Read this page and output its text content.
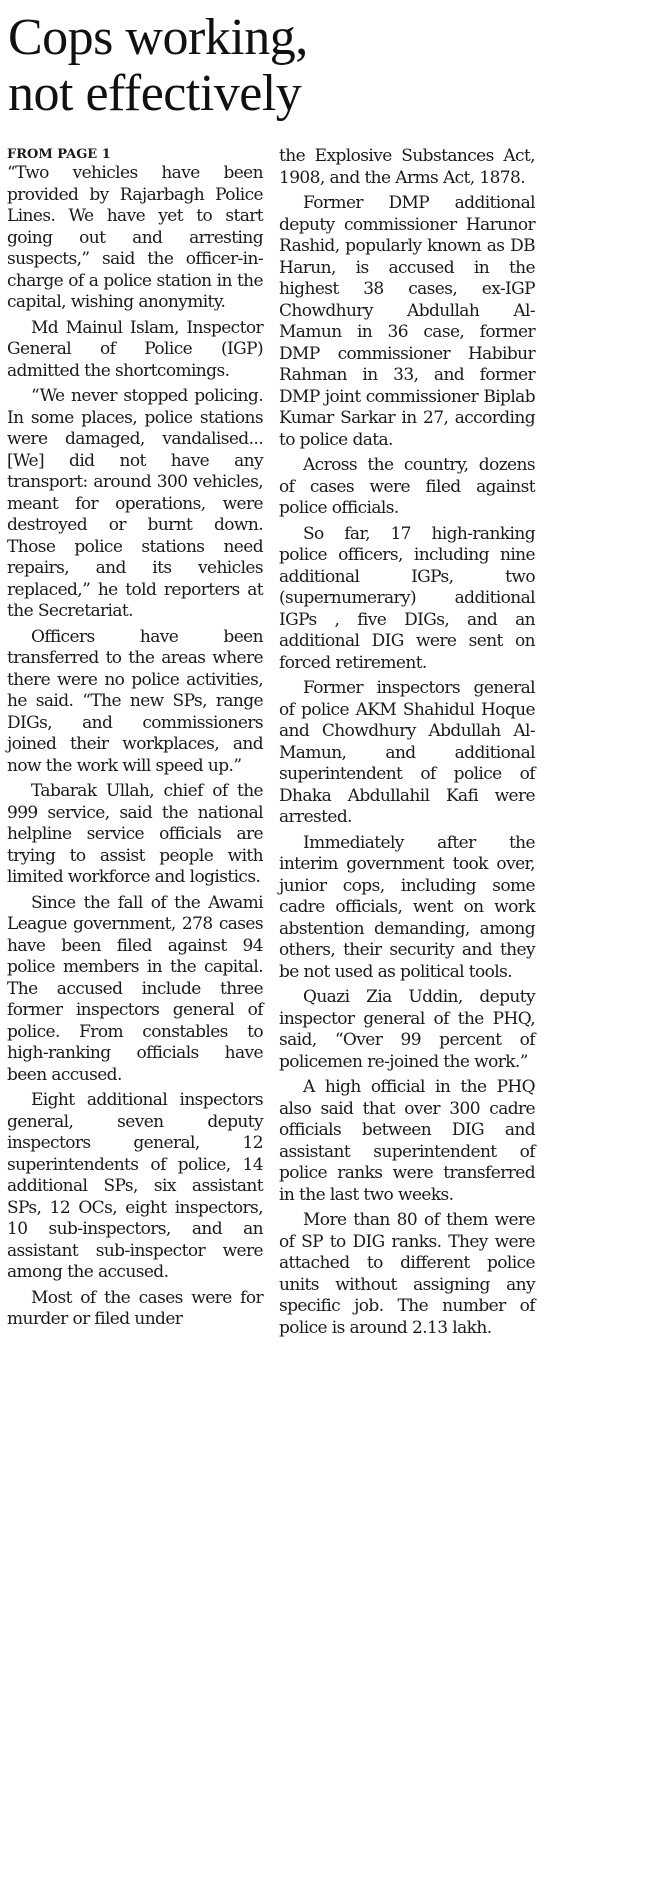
Cops working,
not effectively
FROM PAGE 1

“Two vehicles have been provided by Rajarbagh Police Lines. We have yet to start going out and arresting suspects,” said the officer-in-charge of a police station in the capital, wishing anonymity.

Md Mainul Islam, Inspector General of Police (IGP) admitted the shortcomings.

“We never stopped policing. In some places, police stations were damaged, vandalised... [We] did not have any transport: around 300 vehicles, meant for operations, were destroyed or burnt down. Those police stations need repairs, and its vehicles replaced,” he told reporters at the Secretariat.

Officers have been transferred to the areas where there were no police activities, he said. “The new SPs, range DIGs, and commissioners joined their workplaces, and now the work will speed up.”

Tabarak Ullah, chief of the 999 service, said the national helpline service officials are trying to assist people with limited workforce and logistics.

Since the fall of the Awami League government, 278 cases have been filed against 94 police members in the capital. The accused include three former inspectors general of police. From constables to high-ranking officials have been accused.

Eight additional inspectors general, seven deputy inspectors general, 12 superintendents of police, 14 additional SPs, six assistant SPs, 12 OCs, eight inspectors, 10 sub-inspectors, and an assistant sub-inspector were among the accused.

Most of the cases were for murder or filed under

the Explosive Substances Act, 1908, and the Arms Act, 1878.

Former DMP additional deputy commissioner Harunor Rashid, popularly known as DB Harun, is accused in the highest 38 cases, ex-IGP Chowdhury Abdullah Al-Mamun in 36 case, former DMP commissioner Habibur Rahman in 33, and former DMP joint commissioner Biplab Kumar Sarkar in 27, according to police data.

Across the country, dozens of cases were filed against police officials.

So far, 17 high-ranking police officers, including nine additional IGPs, two (supernumerary) additional IGPs , five DIGs, and an additional DIG were sent on forced retirement.

Former inspectors general of police AKM Shahidul Hoque and Chowdhury Abdullah Al-Mamun, and additional superintendent of police of Dhaka Abdullahil Kafi were arrested.

Immediately after the interim government took over, junior cops, including some cadre officials, went on work abstention demanding, among others, their security and they be not used as political tools.

Quazi Zia Uddin, deputy inspector general of the PHQ, said, “Over 99 percent of policemen re-joined the work.”

A high official in the PHQ also said that over 300 cadre officials between DIG and assistant superintendent of police ranks were transferred in the last two weeks.

More than 80 of them were of SP to DIG ranks. They were attached to different police units without assigning any specific job. The number of police is around 2.13 lakh.
